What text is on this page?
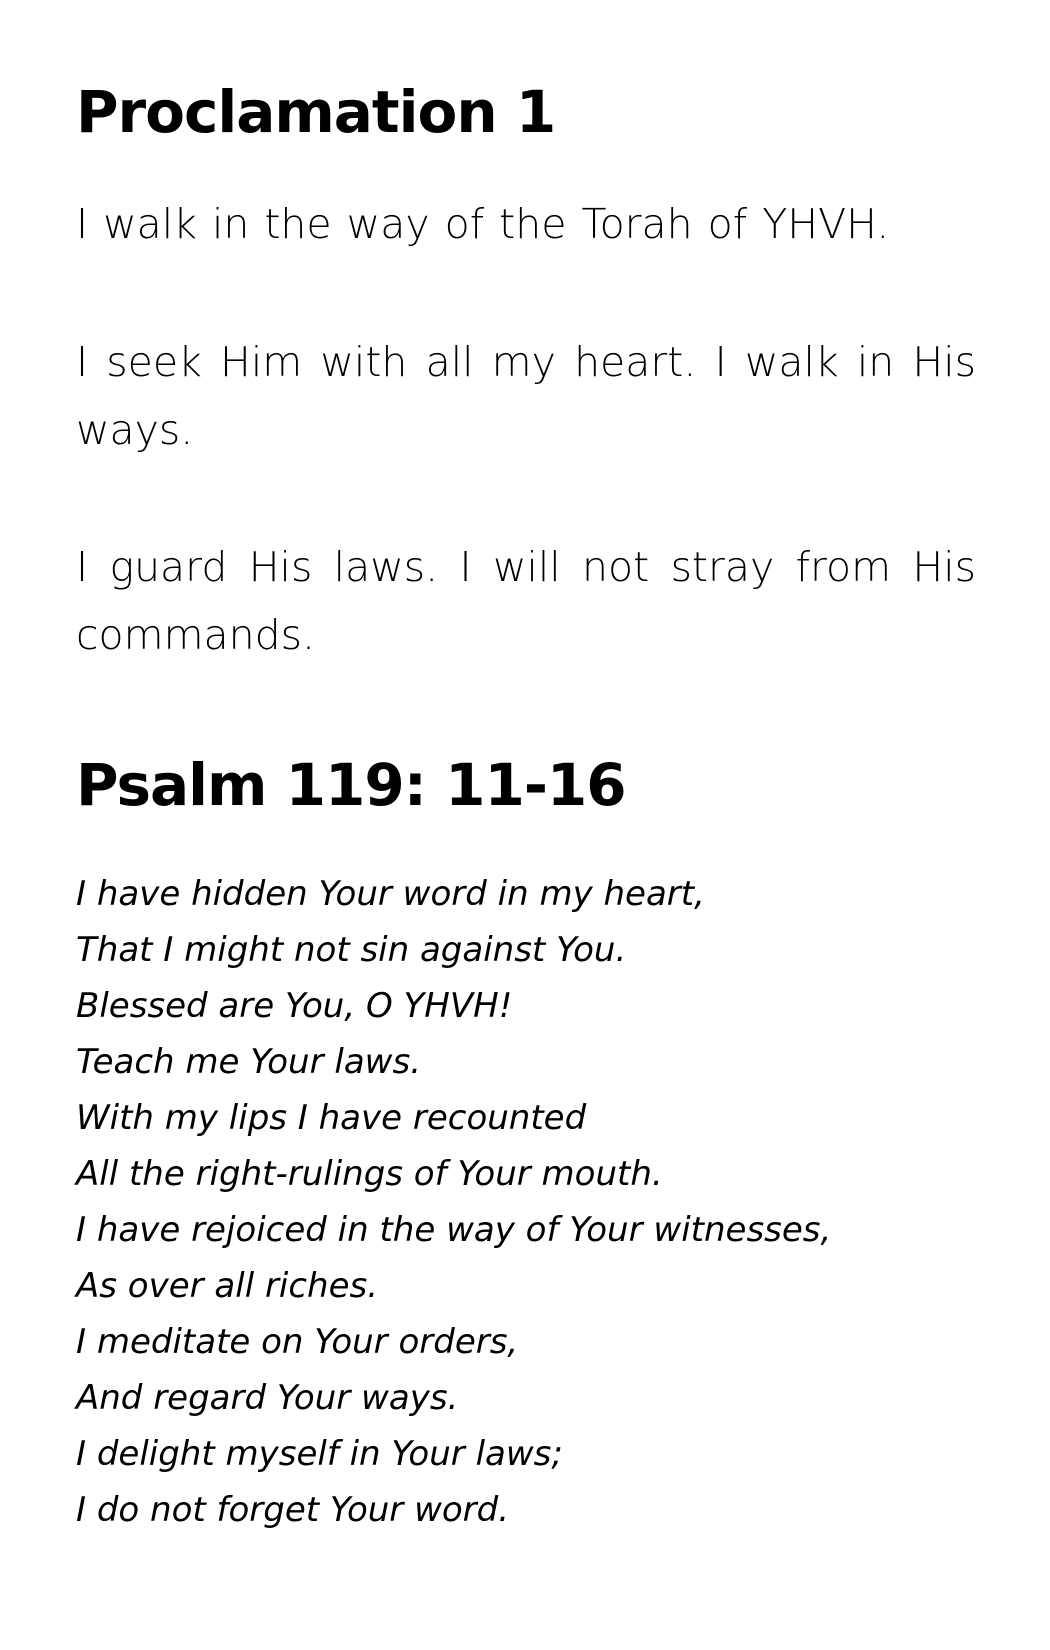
Proclamation 1

I walk in the way of the Torah of YHVH.

I seek Him with all my heart. I walk in His ways.

I guard His laws. I will not stray from His commands.

Psalm 119: 11-16
I have hidden Your word in my heart,
That I might not sin against You.
Blessed are You, O YHVH!
Teach me Your laws.
With my lips I have recounted
All the right-rulings of Your mouth.
I have rejoiced in the way of Your witnesses,
As over all riches.
I meditate on Your orders,
And regard Your ways.
I delight myself in Your laws;
I do not forget Your word.
